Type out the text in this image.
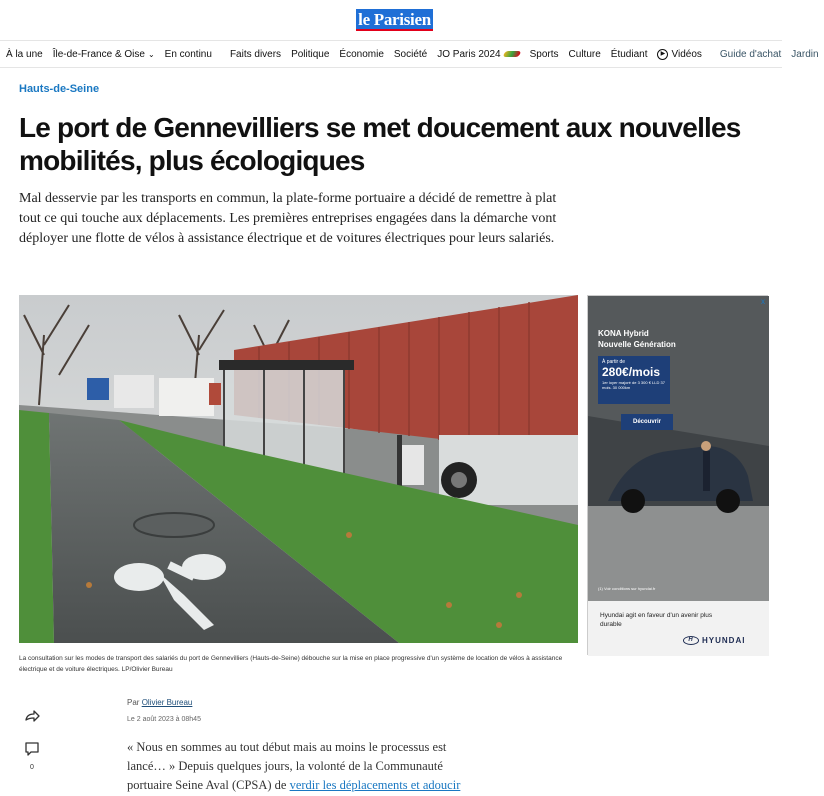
le Parisien
À la une Île-de-France & Oise ⌄ En continu Faits divers Politique Économie Société JO Paris 2024	Sports Culture Étudiant	▶ Vidéos Guide d'achat Jardin
Hauts-de-Seine
Le port de Gennevilliers se met doucement aux nouvelles mobilités, plus écologiques

Mal desservie par les transports en commun, la plate-forme portuaire a décidé de remettre à plat tout ce qui touche aux déplacements. Les premières entreprises engagées dans la démarche vont déployer une flotte de vélos à assistance électrique et de voitures électriques pour leurs salariés.

La consultation sur les modes de transport des salariés du port de Gennevilliers (Hauts-de-Seine) débouche sur la mise en place progressive d'un système de location de vélos à assistance électrique et de voiture électriques. LP/Olivier Bureau

x
KONA Hybrid
Nouvelle Génération
À partir de
280€/mois
1er loyer majoré de 3 300 € LLD 37 mois. 30 000km
Découvrir
(1) Voir conditions sur hyundai.fr
Hyundai agit en faveur d'un avenir plus durable
H	HYUNDAI
0
Par Olivier Bureau
Le 2 août 2023 à 08h45

« Nous en sommes au tout début mais au moins le processus est lancé… » Depuis quelques jours, la volonté de la Communauté portuaire Seine Aval (CPSA) de verdir les déplacements et adoucir
